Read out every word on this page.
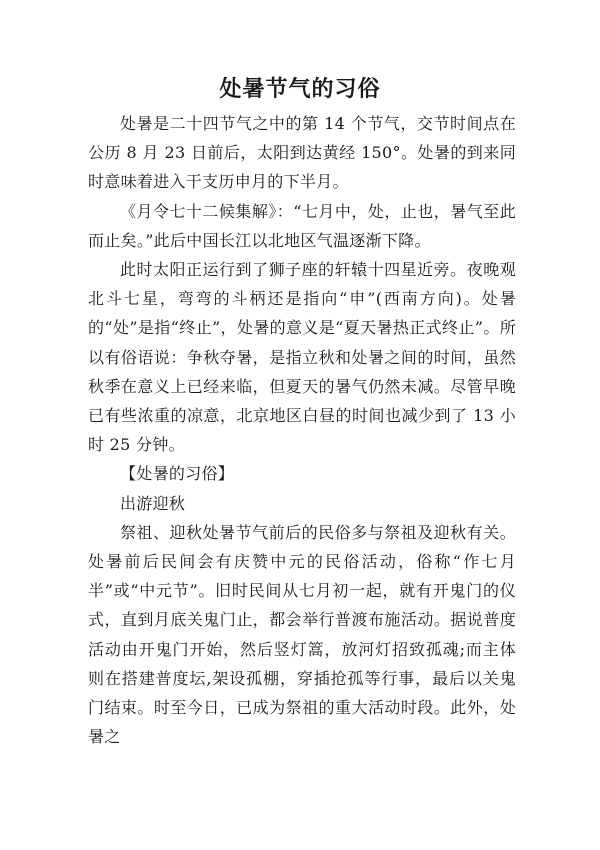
处暑节气的习俗

处暑是二十四节气之中的第 14 个节气，交节时间点在公历 8 月 23 日前后，太阳到达黄经 150°。处暑的到来同时意味着进入干支历申月的下半月。

《月令七十二候集解》：“七月中，处，止也，暑气至此而止矣。”此后中国长江以北地区气温逐渐下降。

此时太阳正运行到了狮子座的轩辕十四星近旁。夜晚观北斗七星，弯弯的斗柄还是指向“申”(西南方向)。处暑的“处”是指“终止”，处暑的意义是“夏天暑热正式终止”。所以有俗语说：争秋夺暑，是指立秋和处暑之间的时间，虽然秋季在意义上已经来临，但夏天的暑气仍然未减。尽管早晚已有些浓重的凉意，北京地区白昼的时间也减少到了 13 小时 25 分钟。

【处暑的习俗】

出游迎秋

祭祖、迎秋处暑节气前后的民俗多与祭祖及迎秋有关。处暑前后民间会有庆赞中元的民俗活动，俗称“作七月半”或“中元节”。旧时民间从七月初一起，就有开鬼门的仪式，直到月底关鬼门止，都会举行普渡布施活动。据说普度活动由开鬼门开始，然后竖灯篙，放河灯招致孤魂;而主体则在搭建普度坛,架设孤棚，穿插抢孤等行事，最后以关鬼门结束。时至今日，已成为祭祖的重大活动时段。此外，处暑之
